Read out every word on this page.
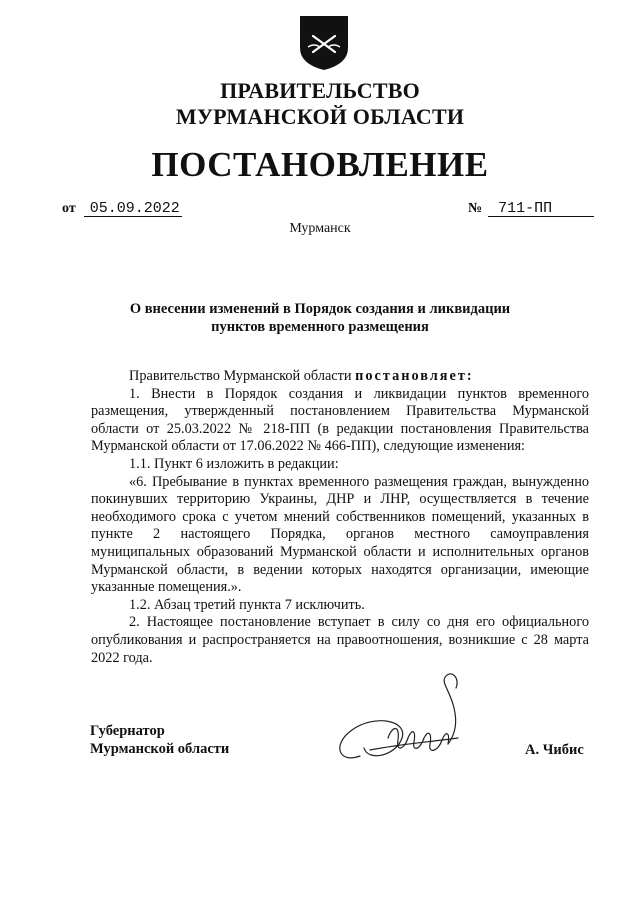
ПРАВИТЕЛЬСТВО
МУРМАНСКОЙ ОБЛАСТИ
ПОСТАНОВЛЕНИЕ
от 05.09.2022	№ 711-ПП
Мурманск
О внесении изменений в Порядок создания и ликвидации
пунктов временного размещения

Правительство Мурманской области постановляет:

1. Внести в Порядок создания и ликвидации пунктов временного размещения, утвержденный постановлением Правительства Мурманской области от 25.03.2022 № 218-ПП (в редакции постановления Правительства Мурманской области от 17.06.2022 № 466-ПП), следующие изменения:

1.1. Пункт 6 изложить в редакции:

«6. Пребывание в пунктах временного размещения граждан, вынужденно покинувших территорию Украины, ДНР и ЛНР, осуществляется в течение необходимого срока с учетом мнений собственников помещений, указанных в пункте 2 настоящего Порядка, органов местного самоуправления муниципальных образований Мурманской области и исполнительных органов Мурманской области, в ведении которых находятся организации, имеющие указанные помещения.».

1.2. Абзац третий пункта 7 исключить.

2. Настоящее постановление вступает в силу со дня его официального опубликования и распространяется на правоотношения, возникшие с 28 марта 2022 года.

Губернатор
Мурманской области	А. Чибис
